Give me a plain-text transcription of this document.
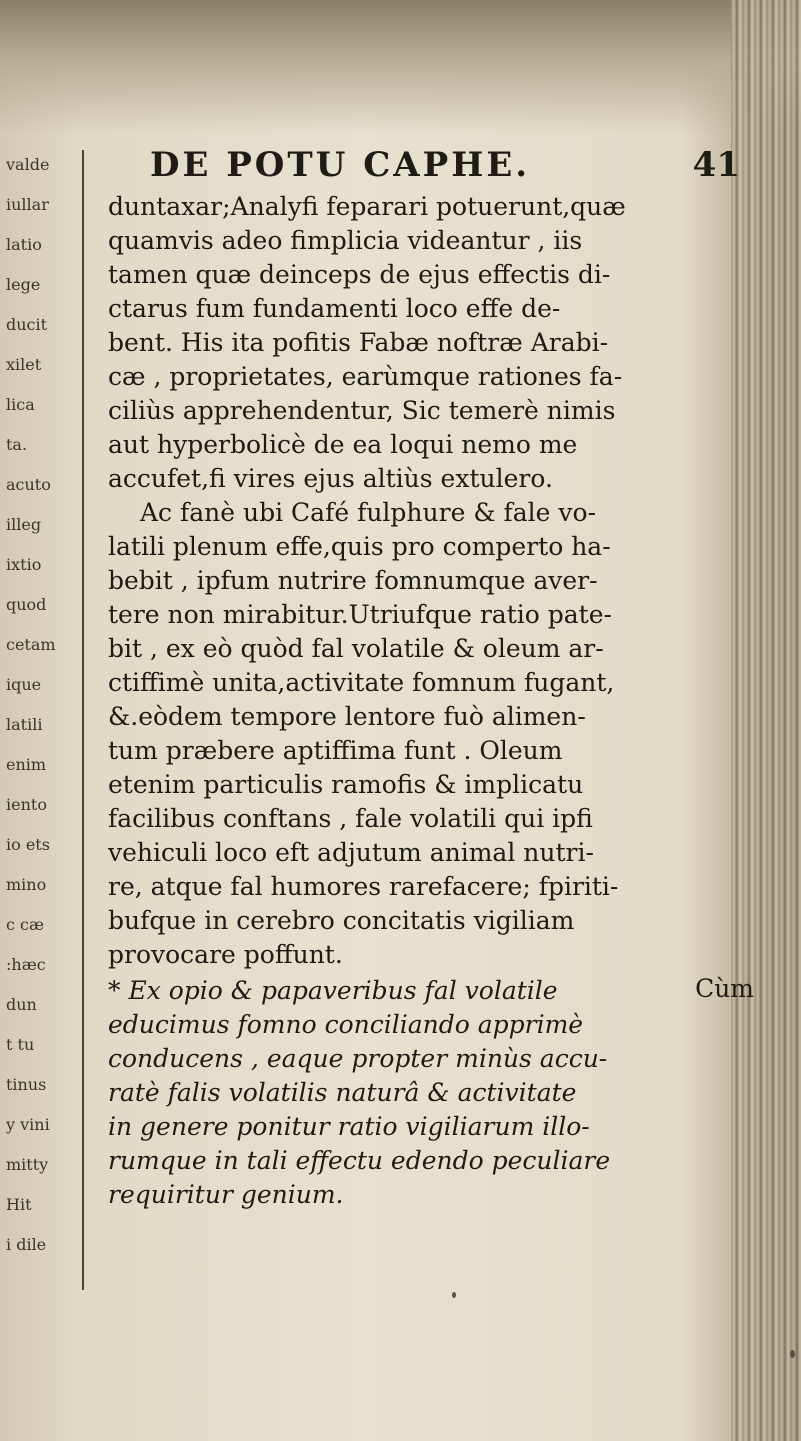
valde
iullar
latio
lege
ducit
xilet
lica
ta.
acuto
illeg
ixtio
quod
cetam
ique
latili
enim
iento
io ets
mino
c cæ
:hæc
dun
t tu
tinus
y vini
mitty
Hit
i dile
DE POTU CAPHE.	41
duntaxar;Analyfi feparari potuerunt,quæ
quamvis adeo fimplicia videantur , iis
tamen quæ deinceps de ejus effectis di-
ctarus fum fundamenti loco effe de-
bent. His ita pofitis Fabæ noftræ Arabi-
cæ , proprietates, earùmque rationes fa-
ciliùs apprehendentur, Sic temerè nimis
aut hyperbolicè de ea loqui nemo me
accufet,fi vires ejus altiùs extulero.
Ac fanè ubi Café fulphure & fale vo-
latili plenum effe,quis pro comperto ha-
bebit , ipfum nutrire fomnumque aver-
tere non mirabitur.Utriufque ratio pate-
bit , ex eò quòd fal volatile & oleum ar-
ctiffimè unita,activitate fomnum fugant,
&.eòdem tempore lentore fuò alimen-
tum præbere aptiffima funt . Oleum
etenim particulis ramofis & implicatu
facilibus conftans , fale volatili qui ipfi
vehiculi loco eft adjutum animal nutri-
re, atque fal humores rarefacere; fpiriti-
bufque in cerebro concitatis vigiliam
provocare poffunt.
Cùm
* Ex opio & papaveribus fal volatile
educimus fomno conciliando apprimè
conducens , eaque propter minùs accu-
ratè falis volatilis naturâ & activitate
in genere ponitur ratio vigiliarum illo-
rumque in tali effectu edendo peculiare
requiritur genium.
